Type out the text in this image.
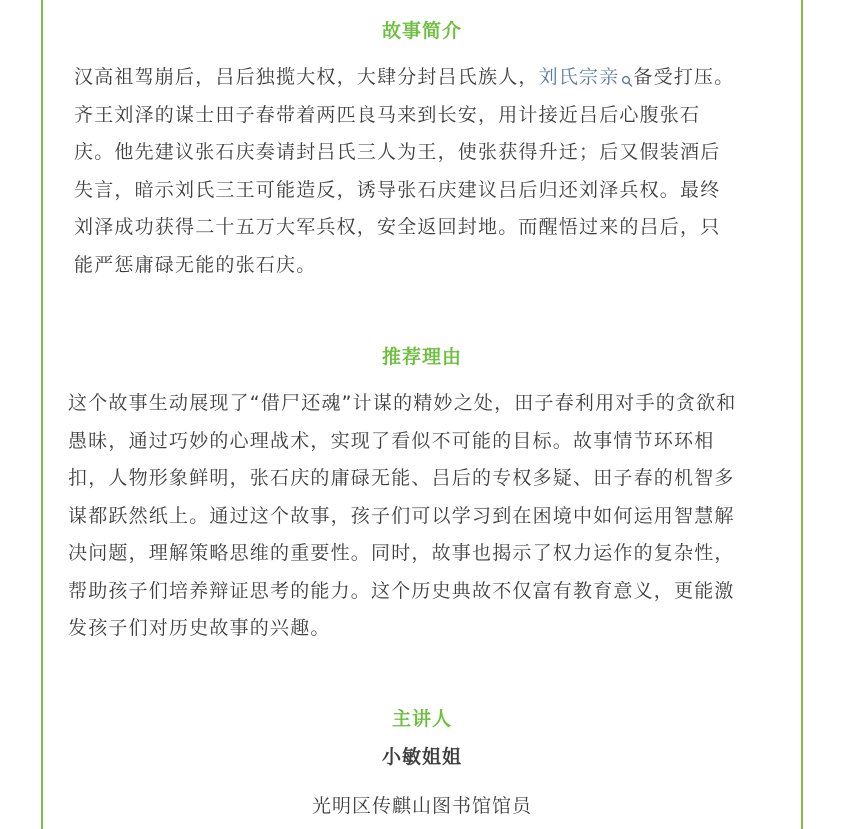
故事简介
汉高祖驾崩后，吕后独揽大权，大肆分封吕氏族人，刘氏宗亲 备受打压。
齐王刘泽的谋士田子春带着两匹良马来到长安，用计接近吕后心腹张石
庆。他先建议张石庆奏请封吕氏三人为王，使张获得升迁；后又假装酒后
失言，暗示刘氏三王可能造反，诱导张石庆建议吕后归还刘泽兵权。最终
刘泽成功获得二十五万大军兵权，安全返回封地。而醒悟过来的吕后，只
能严惩庸碌无能的张石庆。
推荐理由
这个故事生动展现了“借尸还魂”计谋的精妙之处，田子春利用对手的贪欲和
愚昧，通过巧妙的心理战术，实现了看似不可能的目标。故事情节环环相
扣，人物形象鲜明，张石庆的庸碌无能、吕后的专权多疑、田子春的机智多
谋都跃然纸上。通过这个故事，孩子们可以学习到在困境中如何运用智慧解
决问题，理解策略思维的重要性。同时，故事也揭示了权力运作的复杂性，
帮助孩子们培养辩证思考的能力。这个历史典故不仅富有教育意义，更能激
发孩子们对历史故事的兴趣。
主讲人
小敏姐姐
光明区传麒山图书馆馆员
